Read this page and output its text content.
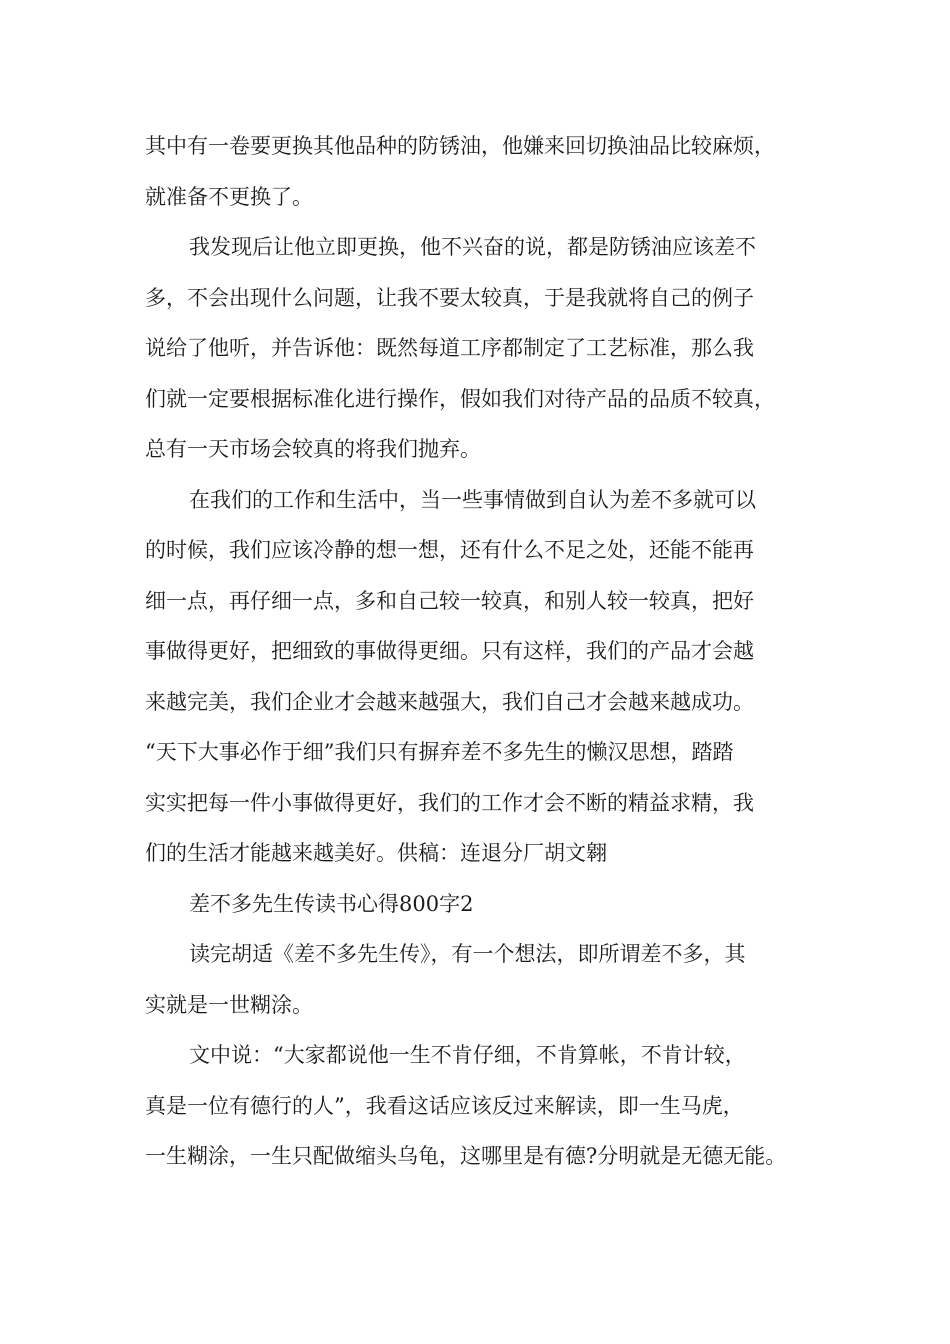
其中有一卷要更换其他品种的防锈油，他嫌来回切换油品比较麻烦，
就准备不更换了。
我发现后让他立即更换，他不兴奋的说，都是防锈油应该差不
多，不会出现什么问题，让我不要太较真，于是我就将自己的例子
说给了他听，并告诉他：既然每道工序都制定了工艺标准，那么我
们就一定要根据标准化进行操作，假如我们对待产品的品质不较真，
总有一天市场会较真的将我们抛弃。
在我们的工作和生活中，当一些事情做到自认为差不多就可以
的时候，我们应该冷静的想一想，还有什么不足之处，还能不能再
细一点，再仔细一点，多和自己较一较真，和别人较一较真，把好
事做得更好，把细致的事做得更细。只有这样，我们的产品才会越
来越完美，我们企业才会越来越强大，我们自己才会越来越成功。
“天下大事必作于细”我们只有摒弃差不多先生的懒汉思想，踏踏
实实把每一件小事做得更好，我们的工作才会不断的精益求精，我
们的生活才能越来越美好。供稿：连退分厂胡文翱
差不多先生传读书心得800字2
读完胡适《差不多先生传》，有一个想法，即所谓差不多，其
实就是一世糊涂。
文中说：“大家都说他一生不肯仔细，不肯算帐，不肯计较，
真是一位有德行的人”，我看这话应该反过来解读，即一生马虎，
一生糊涂，一生只配做缩头乌龟，这哪里是有德?分明就是无德无能。
